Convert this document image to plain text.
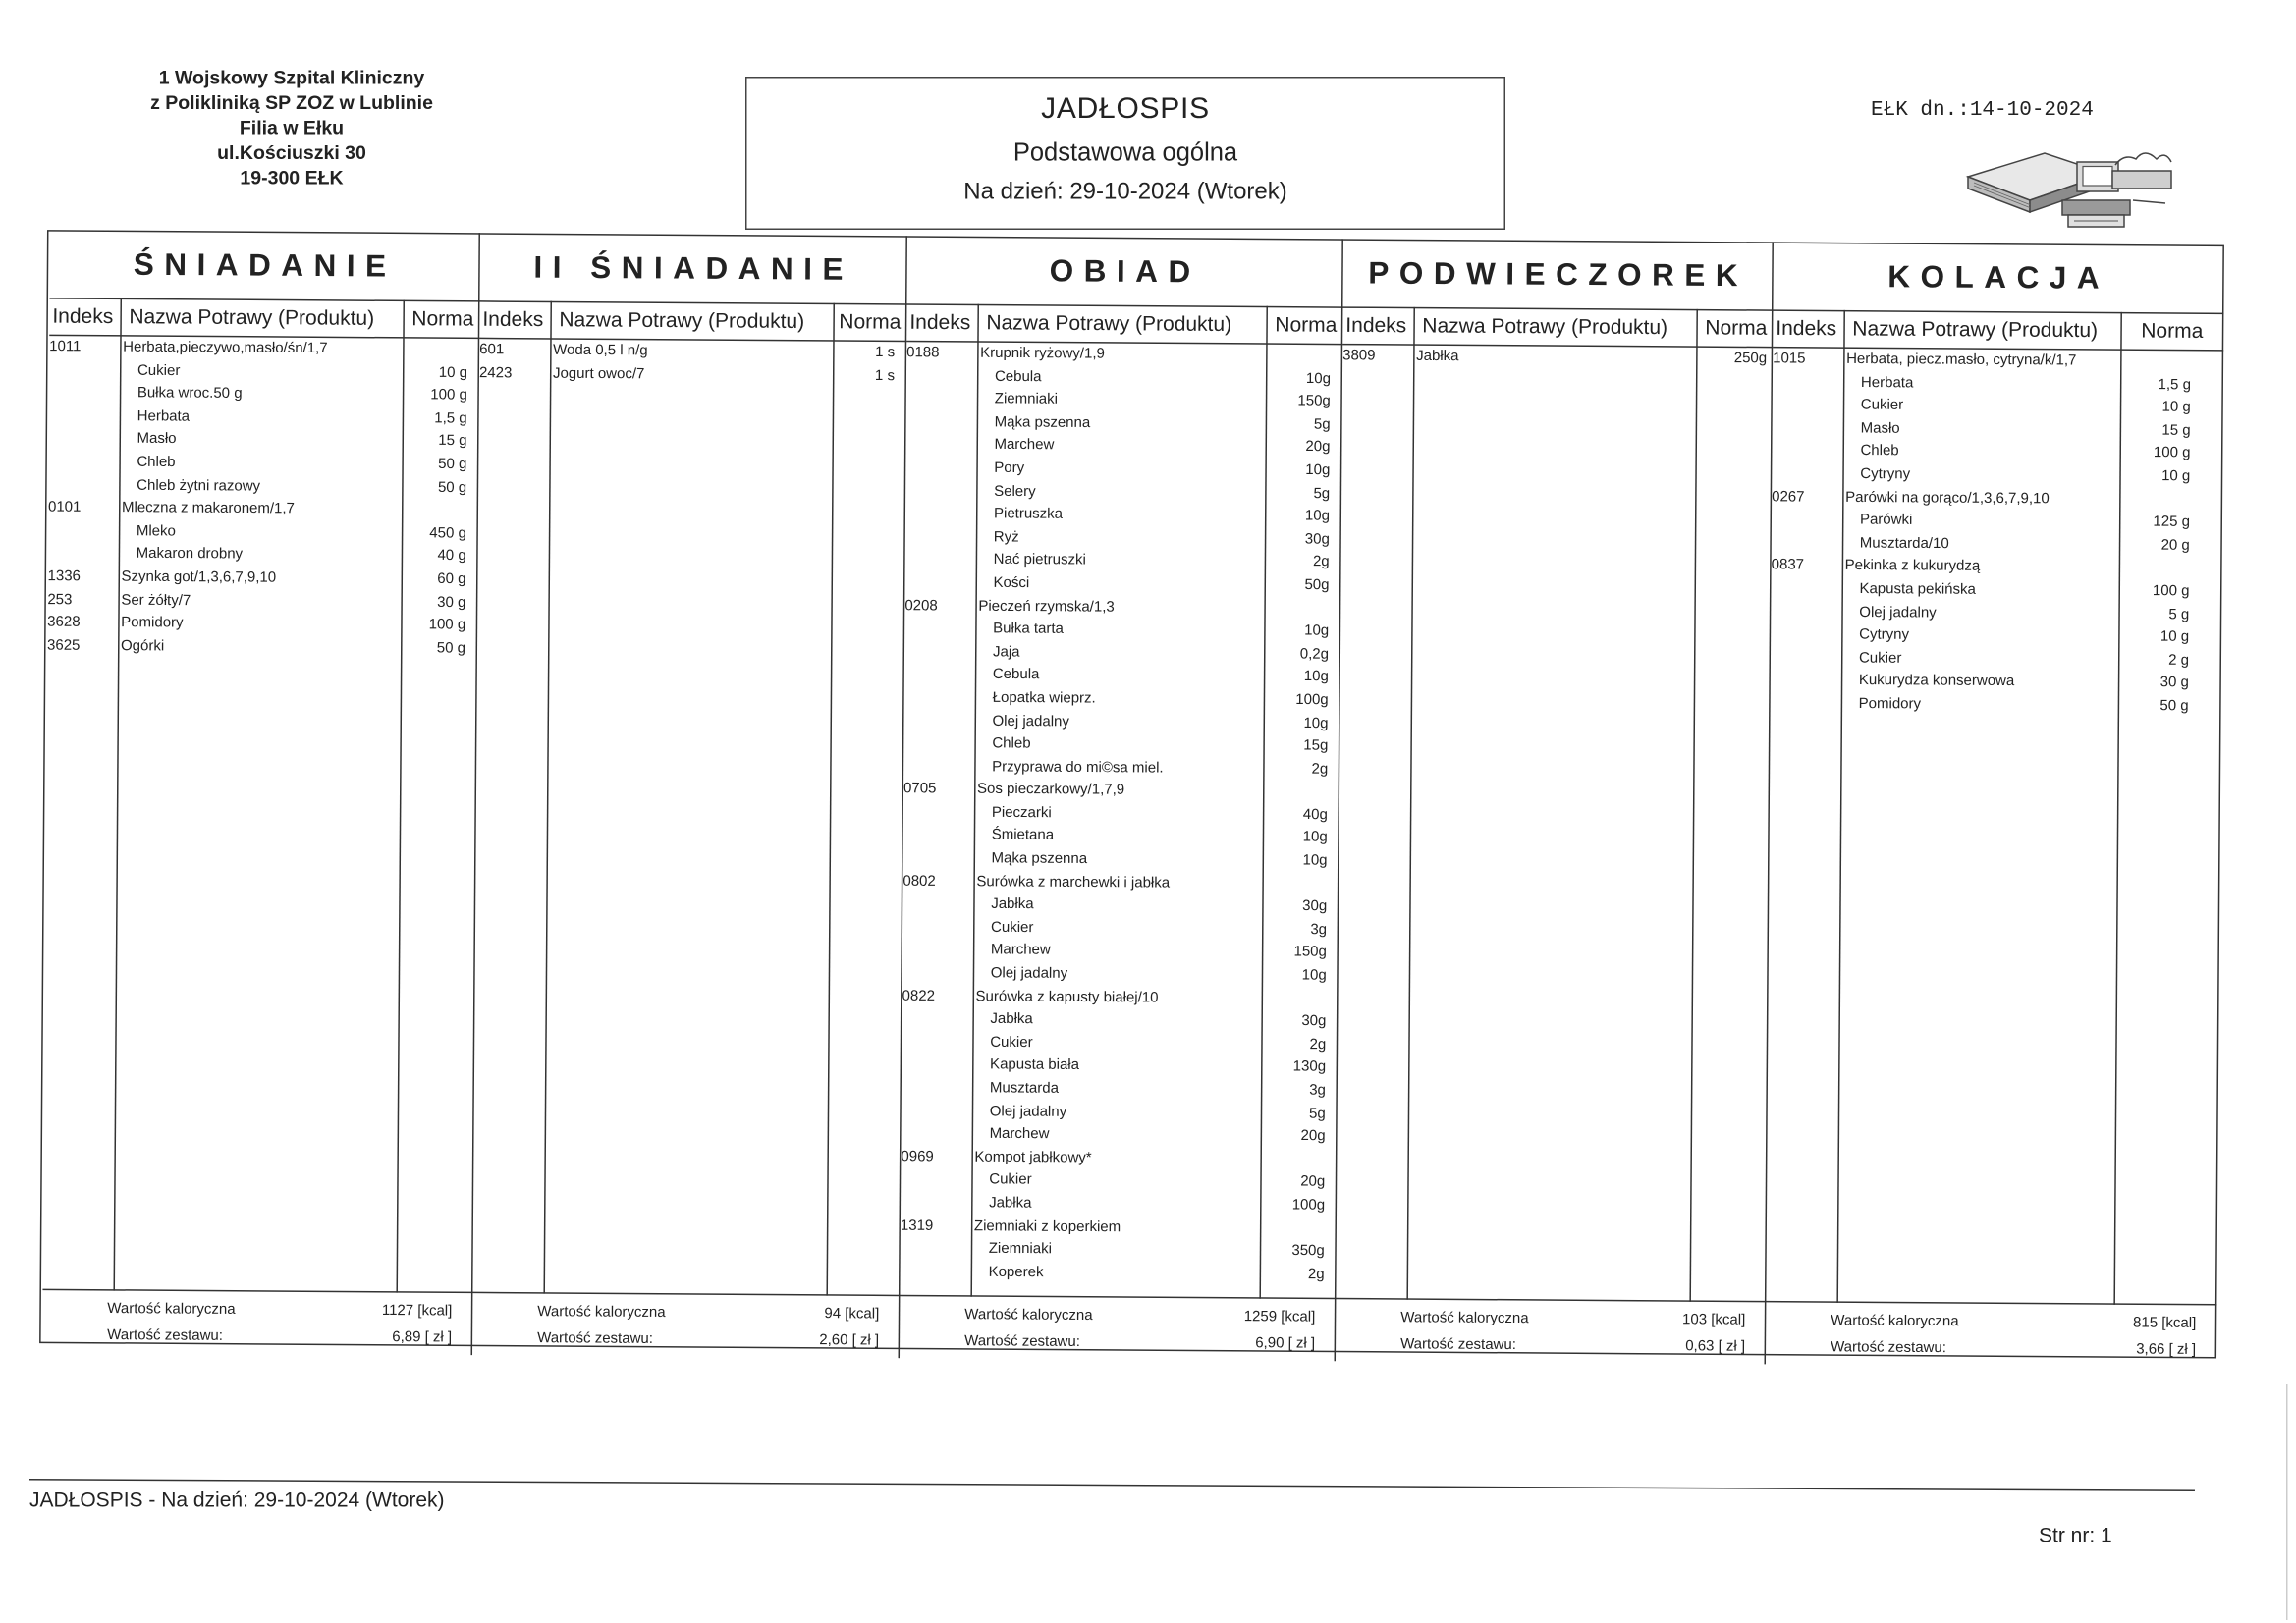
1 Wojskowy Szpital Kliniczny
z Polikliniką SP ZOZ w Lublinie
Filia w Ełku
ul.Kościuszki 30
19-300 EŁK
JADŁOSPIS
Podstawowa ogólna
Na dzień: 29-10-2024 (Wtorek)
EŁK dn.:14-10-2024
ŚNIADANIE
Indeks Nazwa Potrawy (Produktu)	Norma
1011	Herbata,pieczywo,masło/śn/1,7
Cukier	10 g
Bułka wroc.50 g	100 g
Herbata	1,5 g
Masło	15 g
Chleb	50 g
Chleb żytni razowy	50 g
0101	Mleczna z makaronem/1,7
Mleko	450 g
Makaron drobny	40 g
1336	Szynka got/1,3,6,7,9,10	60 g
253	Ser żółty/7	30 g
3628	Pomidory	100 g
3625	Ogórki	50 g
Wartość kaloryczna	1127 [kcal]
Wartość zestawu:	6,89 [ zł ]
II ŚNIADANIE
Indeks Nazwa Potrawy (Produktu)	Norma
601	Woda 0,5 l n/g	1 s
2423	Jogurt owoc/7	1 s
Wartość kaloryczna	94 [kcal]
Wartość zestawu:	2,60 [ zł ]
OBIAD
Indeks Nazwa Potrawy (Produktu)	Norma
0188	Krupnik ryżowy/1,9
Cebula	10g
Ziemniaki	150g
Mąka pszenna	5g
Marchew	20g
Pory	10g
Selery	5g
Pietruszka	10g
Ryż	30g
Nać pietruszki	2g
Kości	50g
0208	Pieczeń rzymska/1,3
Bułka tarta	10g
Jaja	0,2g
Cebula	10g
Łopatka wieprz.	100g
Olej jadalny	10g
Chleb	15g
Przyprawa do mi©sa miel.	2g
0705	Sos pieczarkowy/1,7,9
Pieczarki	40g
Śmietana	10g
Mąka pszenna	10g
0802	Surówka z marchewki i jabłka
Jabłka	30g
Cukier	3g
Marchew	150g
Olej jadalny	10g
0822	Surówka z kapusty białej/10
Jabłka	30g
Cukier	2g
Kapusta biała	130g
Musztarda	3g
Olej jadalny	5g
Marchew	20g
0969	Kompot jabłkowy*
Cukier	20g
Jabłka	100g
1319	Ziemniaki z koperkiem
Ziemniaki	350g
Koperek	2g
Wartość kaloryczna	1259 [kcal]
Wartość zestawu:	6,90 [ zł ]
PODWIECZOREK
Indeks Nazwa Potrawy (Produktu)	Norma
3809	Jabłka	250g
Wartość kaloryczna	103 [kcal]
Wartość zestawu:	0,63 [ zł ]
KOLACJA
Indeks Nazwa Potrawy (Produktu)	Norma
1015	Herbata, piecz.masło, cytryna/k/1,7
Herbata	1,5 g
Cukier	10 g
Masło	15 g
Chleb	100 g
Cytryny	10 g
0267	Parówki na gorąco/1,3,6,7,9,10
Parówki	125 g
Musztarda/10	20 g
0837	Pekinka z kukurydzą
Kapusta pekińska	100 g
Olej jadalny	5 g
Cytryny	10 g
Cukier	2 g
Kukurydza konserwowa	30 g
Pomidory	50 g
Wartość kaloryczna	815 [kcal]
Wartość zestawu:	3,66 [ zł ]
JADŁOSPIS - Na dzień: 29-10-2024 (Wtorek)
Str nr: 1
